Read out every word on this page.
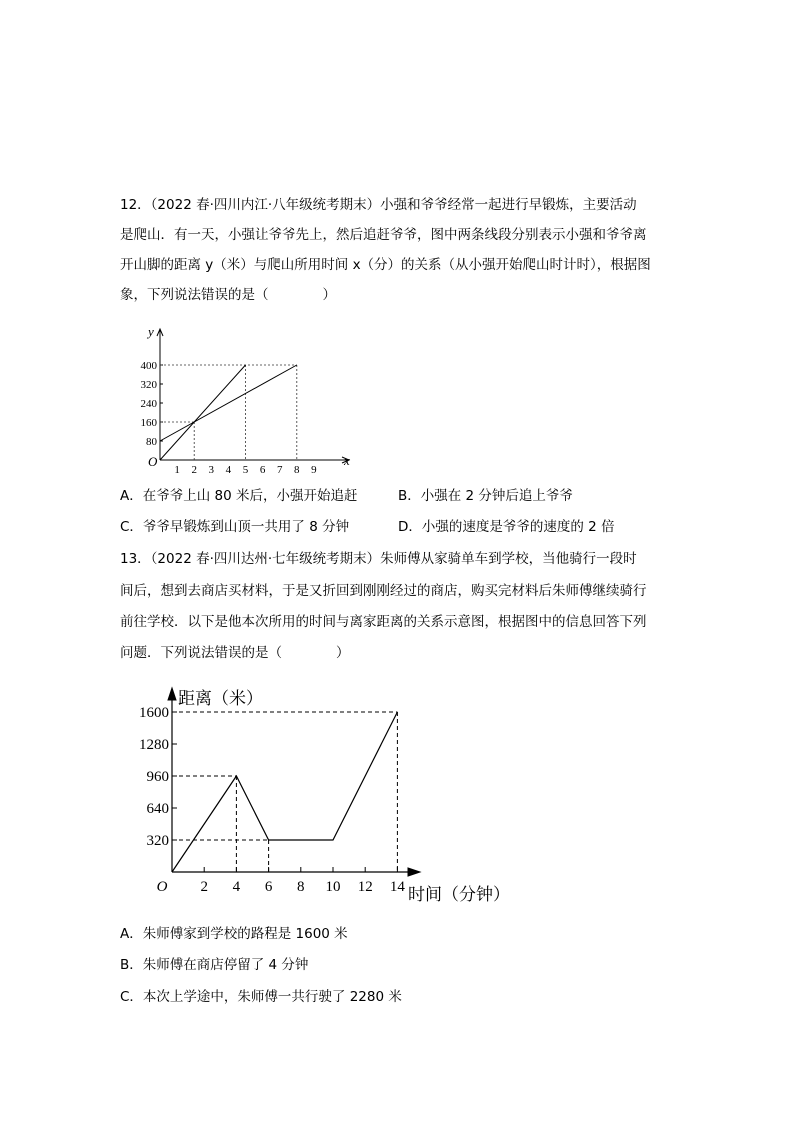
12．（2022 春·四川内江·八年级统考期末）小强和爷爷经常一起进行早锻炼，主要活动
是爬山．有一天，小强让爷爷先上，然后追赶爷爷，图中两条线段分别表示小强和爷爷离
开山脚的距离 y（米）与爬山所用时间 x（分）的关系（从小强开始爬山时计时），根据图
象，下列说法错误的是（　　　　）
y
x
O
1 2 3 4 5 6 7 8 9
80
160
240
320
400
A．在爷爷上山 80 米后，小强开始追赶	B．小强在 2 分钟后追上爷爷
C．爷爷早锻炼到山顶一共用了 8 分钟	D．小强的速度是爷爷的速度的 2 倍
13．（2022 春·四川达州·七年级统考期末）朱师傅从家骑单车到学校，当他骑行一段时
间后，想到去商店买材料，于是又折回到刚刚经过的商店，购买完材料后朱师傅继续骑行
前往学校．以下是他本次所用的时间与离家距离的关系示意图，根据图中的信息回答下列
问题．下列说法错误的是（　　　　）
距离（米）
时间（分钟）
O 2 4 6 8 10 12 14
320
640
960
1280
1600
A．朱师傅家到学校的路程是 1600 米
B．朱师傅在商店停留了 4 分钟
C．本次上学途中，朱师傅一共行驶了 2280 米
